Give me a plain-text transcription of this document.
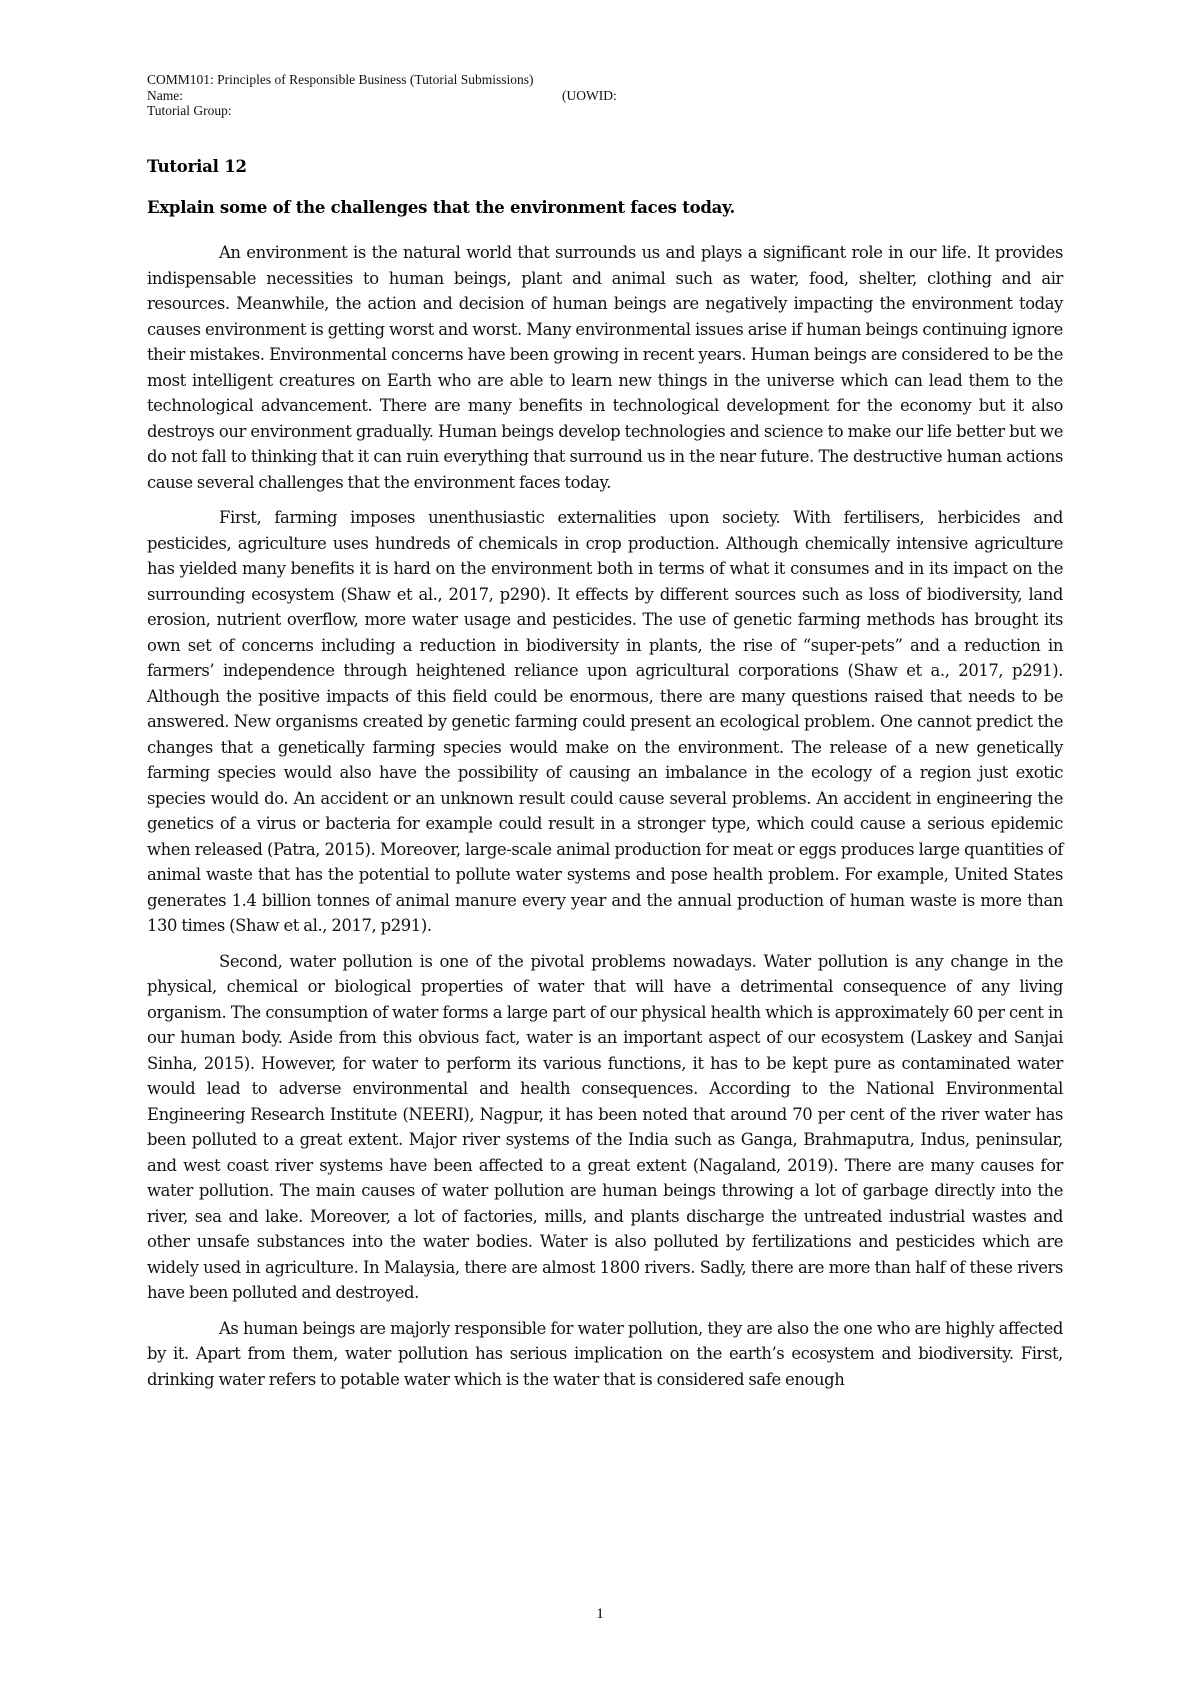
COMM101: Principles of Responsible Business (Tutorial Submissions)
Name:	(UOWID:
Tutorial Group:
Tutorial 12
Explain some of the challenges that the environment faces today.

An environment is the natural world that surrounds us and plays a significant role in our life. It provides indispensable necessities to human beings, plant and animal such as water, food, shelter, clothing and air resources. Meanwhile, the action and decision of human beings are negatively impacting the environment today causes environment is getting worst and worst. Many environmental issues arise if human beings continuing ignore their mistakes. Environmental concerns have been growing in recent years. Human beings are considered to be the most intelligent creatures on Earth who are able to learn new things in the universe which can lead them to the technological advancement. There are many benefits in technological development for the economy but it also destroys our environment gradually. Human beings develop technologies and science to make our life better but we do not fall to thinking that it can ruin everything that surround us in the near future. The destructive human actions cause several challenges that the environment faces today.

First, farming imposes unenthusiastic externalities upon society. With fertilisers, herbicides and pesticides, agriculture uses hundreds of chemicals in crop production. Although chemically intensive agriculture has yielded many benefits it is hard on the environment both in terms of what it consumes and in its impact on the surrounding ecosystem (Shaw et al., 2017, p290). It effects by different sources such as loss of biodiversity, land erosion, nutrient overflow, more water usage and pesticides. The use of genetic farming methods has brought its own set of concerns including a reduction in biodiversity in plants, the rise of “super-pets” and a reduction in farmers’ independence through heightened reliance upon agricultural corporations (Shaw et a., 2017, p291). Although the positive impacts of this field could be enormous, there are many questions raised that needs to be answered. New organisms created by genetic farming could present an ecological problem. One cannot predict the changes that a genetically farming species would make on the environment. The release of a new genetically farming species would also have the possibility of causing an imbalance in the ecology of a region just exotic species would do. An accident or an unknown result could cause several problems. An accident in engineering the genetics of a virus or bacteria for example could result in a stronger type, which could cause a serious epidemic when released (Patra, 2015). Moreover, large-scale animal production for meat or eggs produces large quantities of animal waste that has the potential to pollute water systems and pose health problem. For example, United States generates 1.4 billion tonnes of animal manure every year and the annual production of human waste is more than 130 times (Shaw et al., 2017, p291).

Second, water pollution is one of the pivotal problems nowadays. Water pollution is any change in the physical, chemical or biological properties of water that will have a detrimental consequence of any living organism. The consumption of water forms a large part of our physical health which is approximately 60 per cent in our human body. Aside from this obvious fact, water is an important aspect of our ecosystem (Laskey and Sanjai Sinha, 2015). However, for water to perform its various functions, it has to be kept pure as contaminated water would lead to adverse environmental and health consequences. According to the National Environmental Engineering Research Institute (NEERI), Nagpur, it has been noted that around 70 per cent of the river water has been polluted to a great extent. Major river systems of the India such as Ganga, Brahmaputra, Indus, peninsular, and west coast river systems have been affected to a great extent (Nagaland, 2019). There are many causes for water pollution. The main causes of water pollution are human beings throwing a lot of garbage directly into the river, sea and lake. Moreover, a lot of factories, mills, and plants discharge the untreated industrial wastes and other unsafe substances into the water bodies. Water is also polluted by fertilizations and pesticides which are widely used in agriculture. In Malaysia, there are almost 1800 rivers. Sadly, there are more than half of these rivers have been polluted and destroyed.

As human beings are majorly responsible for water pollution, they are also the one who are highly affected by it. Apart from them, water pollution has serious implication on the earth’s ecosystem and biodiversity. First, drinking water refers to potable water which is the water that is considered safe enough

1
